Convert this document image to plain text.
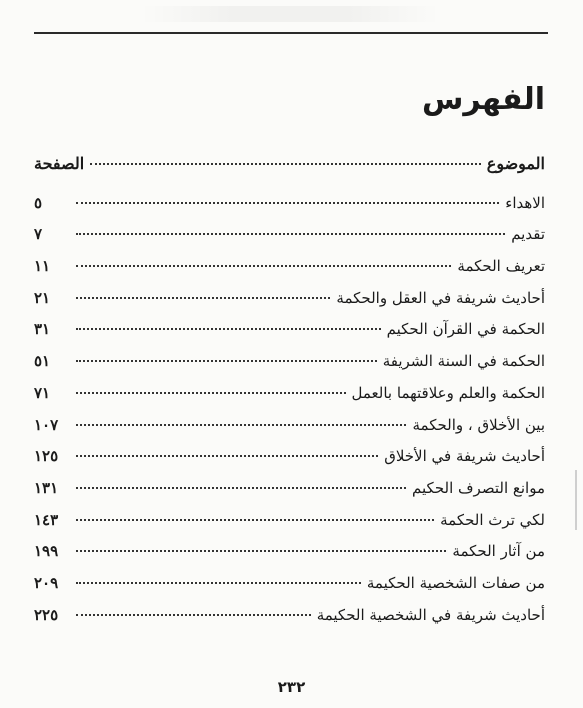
الفهرس
الموضوع
الصفحة
الاهداء
٥
تقديم
٧
تعريف الحكمة
١١
أحاديث شريفة في العقل والحكمة
٢١
الحكمة في القرآن الحكيم
٣١
الحكمة في السنة الشريفة
٥١
الحكمة والعلم وعلاقتهما بالعمل
٧١
بين الأخلاق ، والحكمة
١٠٧
أحاديث شريفة في الأخلاق
١٢٥
موانع التصرف الحكيم
١٣١
لكي ترث الحكمة
١٤٣
من آثار الحكمة
١٩٩
من صفات الشخصية الحكيمة
٢٠٩
أحاديث شريفة في الشخصية الحكيمة
٢٢٥
٢٣٢
